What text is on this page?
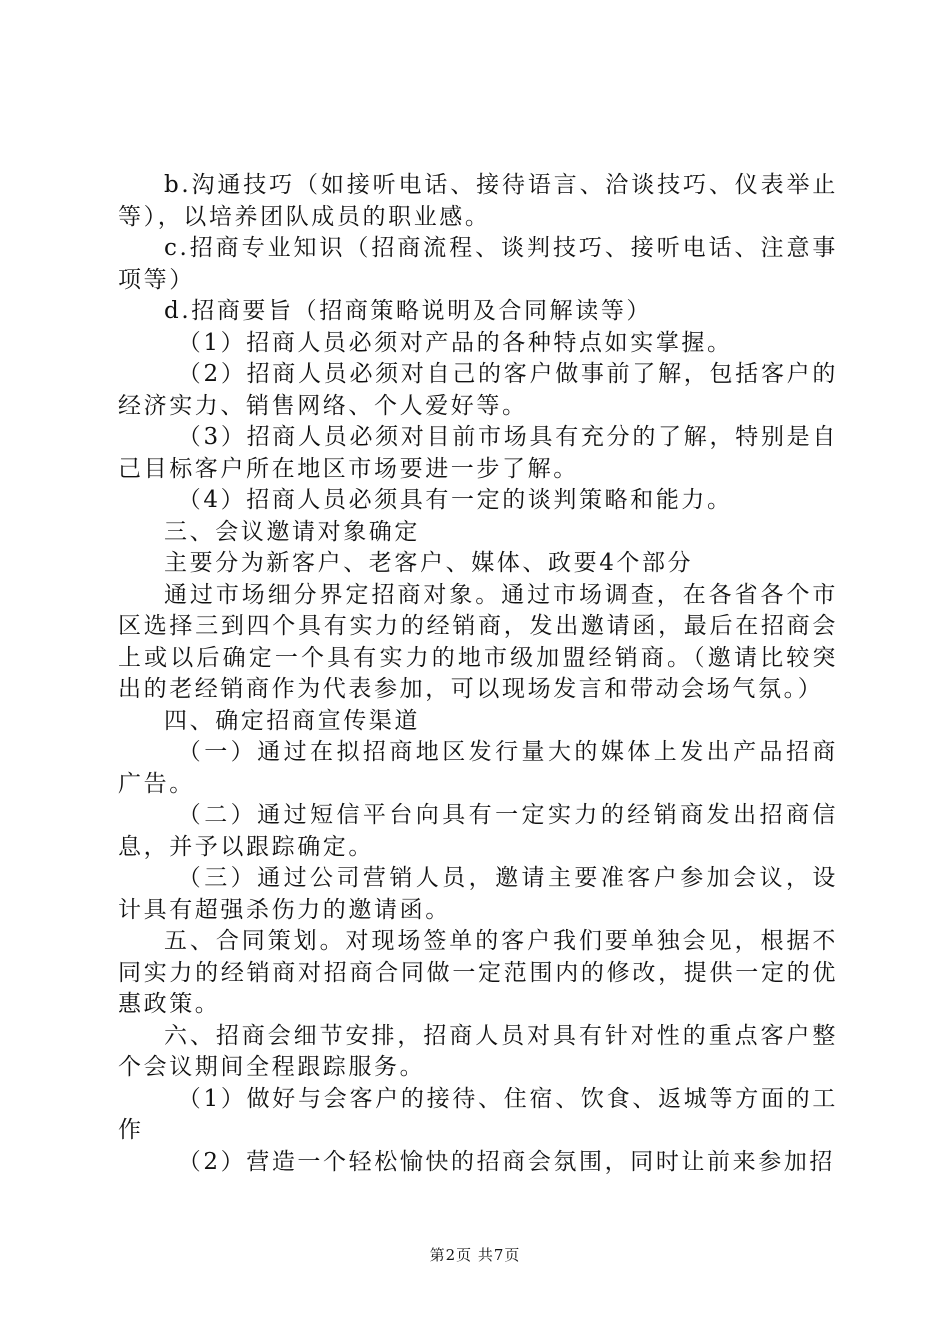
b.沟通技巧（如接听电话、接待语言、洽谈技巧、仪表举止等），以培养团队成员的职业感。

c.招商专业知识（招商流程、谈判技巧、接听电话、注意事项等）

d.招商要旨（招商策略说明及合同解读等）

（1）招商人员必须对产品的各种特点如实掌握。

（2）招商人员必须对自己的客户做事前了解，包括客户的经济实力、销售网络、个人爱好等。

（3）招商人员必须对目前市场具有充分的了解，特别是自己目标客户所在地区市场要进一步了解。

（4）招商人员必须具有一定的谈判策略和能力。

三、会议邀请对象确定

主要分为新客户、老客户、媒体、政要4个部分

通过市场细分界定招商对象。通过市场调查，在各省各个市区选择三到四个具有实力的经销商，发出邀请函，最后在招商会上或以后确定一个具有实力的地市级加盟经销商。（邀请比较突出的老经销商作为代表参加，可以现场发言和带动会场气氛。）

四、确定招商宣传渠道

（一）通过在拟招商地区发行量大的媒体上发出产品招商广告。

（二）通过短信平台向具有一定实力的经销商发出招商信息，并予以跟踪确定。

（三）通过公司营销人员，邀请主要准客户参加会议，设计具有超强杀伤力的邀请函。

五、合同策划。对现场签单的客户我们要单独会见，根据不同实力的经销商对招商合同做一定范围内的修改，提供一定的优惠政策。

六、招商会细节安排，招商人员对具有针对性的重点客户整个会议期间全程跟踪服务。

（1）做好与会客户的接待、住宿、饮食、返城等方面的工作

（2）营造一个轻松愉快的招商会氛围，同时让前来参加招

第2页 共7页
